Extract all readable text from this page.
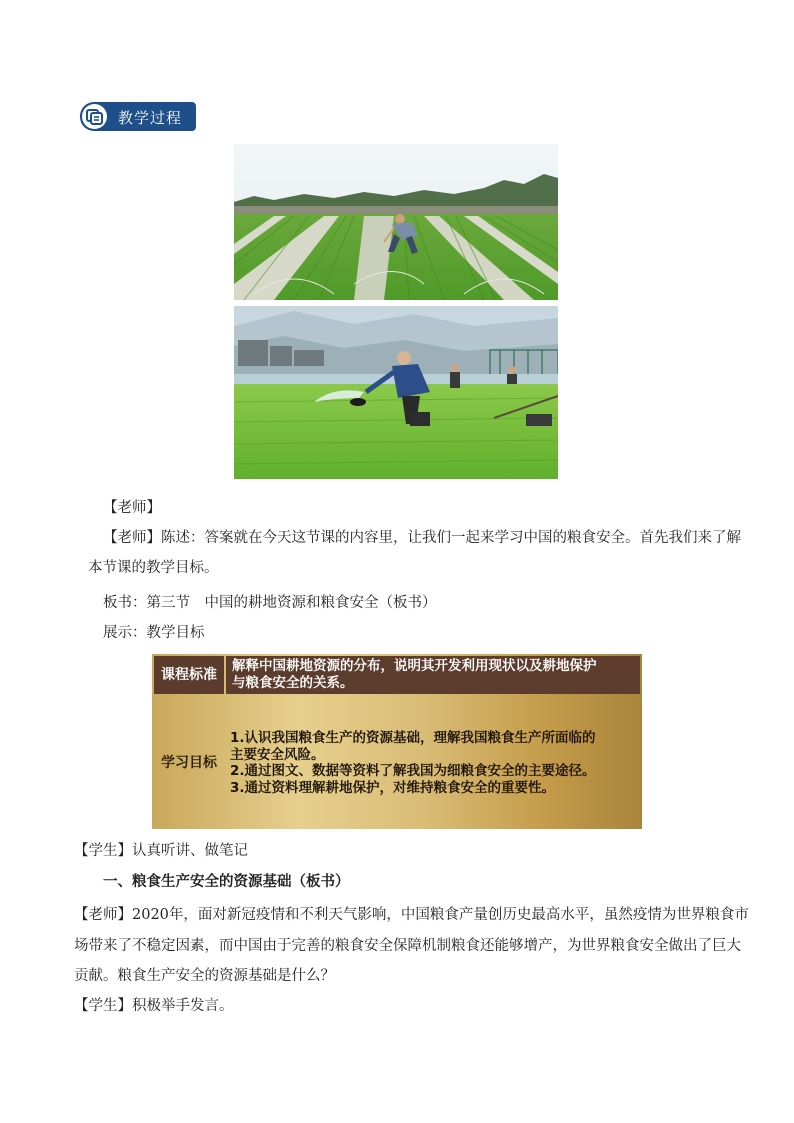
教学过程
【老师】
【老师】陈述：答案就在今天这节课的内容里，让我们一起来学习中国的粮食安全。首先我们来了解
本节课的教学目标。
板书：第三节　中国的耕地资源和粮食安全（板书）
展示：教学目标
课程标准
解释中国耕地资源的分布，说明其开发利用现状以及耕地保护
与粮食安全的关系。
学习目标
1.认识我国粮食生产的资源基础，理解我国粮食生产所面临的
主要安全风险。
2.通过图文、数据等资料了解我国为细粮食安全的主要途径。
3.通过资料理解耕地保护，对维持粮食安全的重要性。
【学生】认真听讲、做笔记
一、粮食生产安全的资源基础（板书）
【老师】2020年，面对新冠疫情和不利天气影响，中国粮食产量创历史最高水平，虽然疫情为世界粮食市
场带来了不稳定因素，而中国由于完善的粮食安全保障机制粮食还能够增产，为世界粮食安全做出了巨大
贡献。粮食生产安全的资源基础是什么？
【学生】积极举手发言。
